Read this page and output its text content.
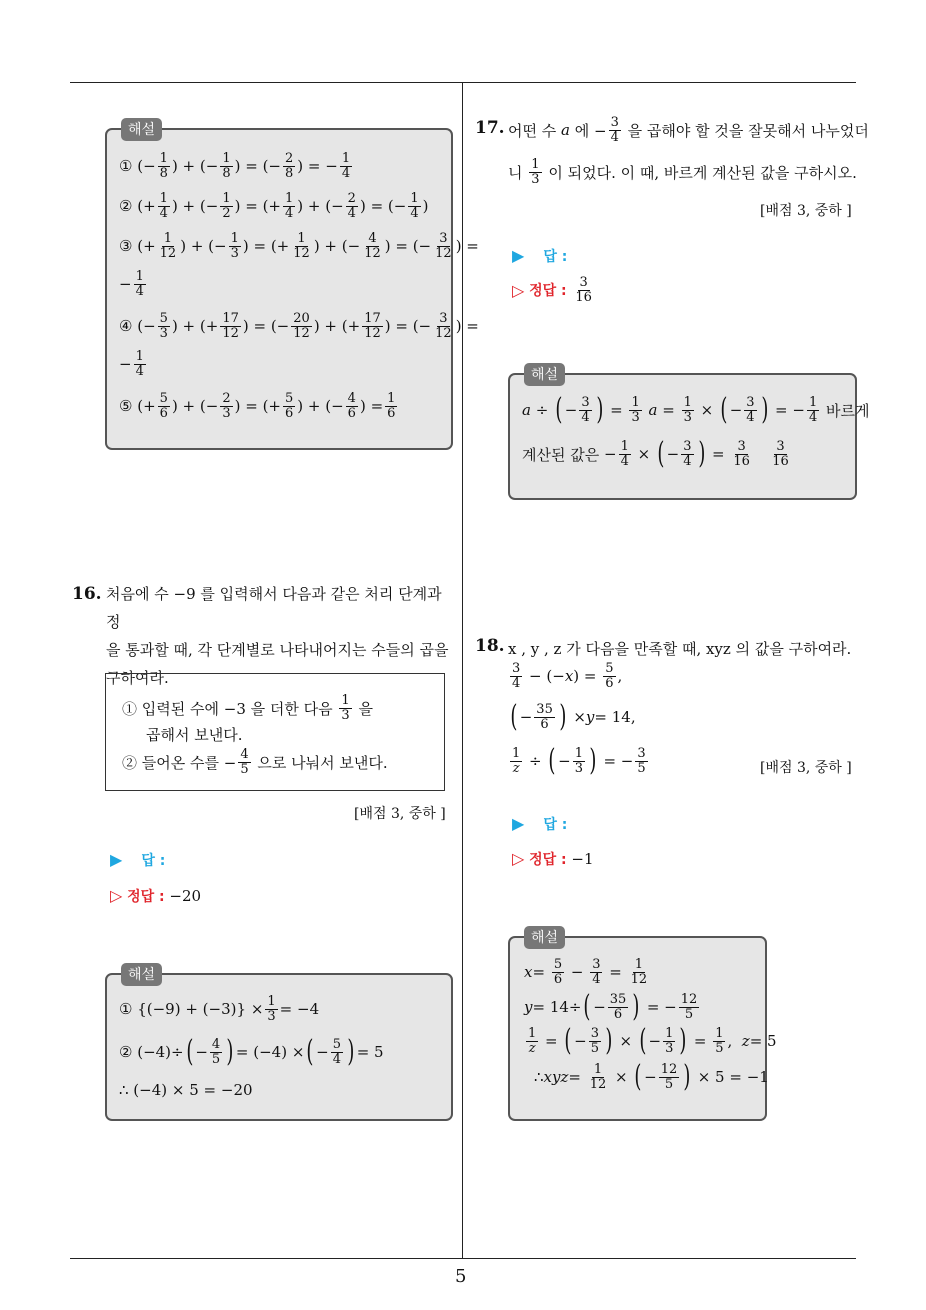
5
해설
① (− $\frac{1}{8}$ ) + (− $\frac{1}{8}$ ) = (− $\frac{2}{8}$ ) = − $\frac{1}{4}$
② (+ $\frac{1}{4}$ ) + (− $\frac{1}{2}$ ) = (+ $\frac{1}{4}$ ) + (− $\frac{2}{4}$ ) = (− $\frac{1}{4}$ )
③ (+ $\frac{1}{12}$ ) + (− $\frac{1}{3}$ ) = (+ $\frac{1}{12}$ ) + (− $\frac{4}{12}$ ) = (− $\frac{3}{12}$ ) =
− $\frac{1}{4}$
④ (− $\frac{5}{3}$ ) + (+ $\frac{17}{12}$ ) = (− $\frac{20}{12}$ ) + (+ $\frac{17}{12}$ ) = (− $\frac{3}{12}$ ) =
− $\frac{1}{4}$
⑤ (+ $\frac{5}{6}$ ) + (− $\frac{2}{3}$ ) = (+ $\frac{5}{6}$ ) + (− $\frac{4}{6}$ ) = $\frac{1}{6}$
16. 처음에 수 −9 를 입력해서 다음과 같은 처리 단계과정
을 통과할 때, 각 단계별로 나타내어지는 수들의 곱을
구하여라.
① 입력된 수에 −3 을 더한 다음
$\frac{1}{3}$
을
곱해서 보낸다.
② 들어온 수를 − $\frac{4}{5}$
으로 나눠서 보낸다.
[배점 3, 중하 ]
▶ 답 :
▷ 정답 : −20
해설
① $\{(-9) + (-3)\} \times \frac{1}{3} = -4$
② (−4)÷ ( − $\frac{4}{5}$ ) = (−4) × ( − $\frac{5}{4}$ ) = 5
∴ (−4) × 5 = −20
17. 어떤 수
a
에 − $\frac{3}{4}$
을 곱해야 할 것을 잘못해서 나누었더
니
$\frac{1}{3}$
이 되었다. 이 때, 바르게 계산된 값을 구하시오.
[배점 3, 중하 ]
▶ 답 :
▷
정답 :
$\frac{3}{16}$
해설
a ÷ ( − $\frac{3}{4}$ ) = $\frac{1}{3}$
$a = \frac{1}{3}$ × ( − $\frac{3}{4}$ ) = − $\frac{1}{4}$
바르게
계산된 값은 − $\frac{1}{4}$ × ( − $\frac{3}{4}$ ) = $\frac{3}{16}$
$\frac{3}{16}$
18. x , y , z 가 다음을 만족할 때, xyz 의 값을 구하여라.
$\frac{3}{4}$ − (− x ) = $\frac{5}{6}$ ,
( − $\frac{35}{6}$ ) × y = 14,
$\frac{1}{z}$ ÷ ( − $\frac{1}{3}$ ) = − $\frac{3}{5}$	[배점 3, 중하 ]
▶ 답 :
▷ 정답 : −1
해설
$x = \frac{5}{6} - \frac{3}{4} = \frac{1}{12}$
y = 14÷ ( − $\frac{35}{6}$ ) = − $\frac{12}{5}$
$\frac{1}{z}$ = ( − $\frac{3}{5}$ ) × ( − $\frac{1}{3}$ ) = $\frac{1}{5}$ , z = 5
∴ xyz = $\frac{1}{12}$ × ( − $\frac{12}{5}$ ) × 5 = −1
